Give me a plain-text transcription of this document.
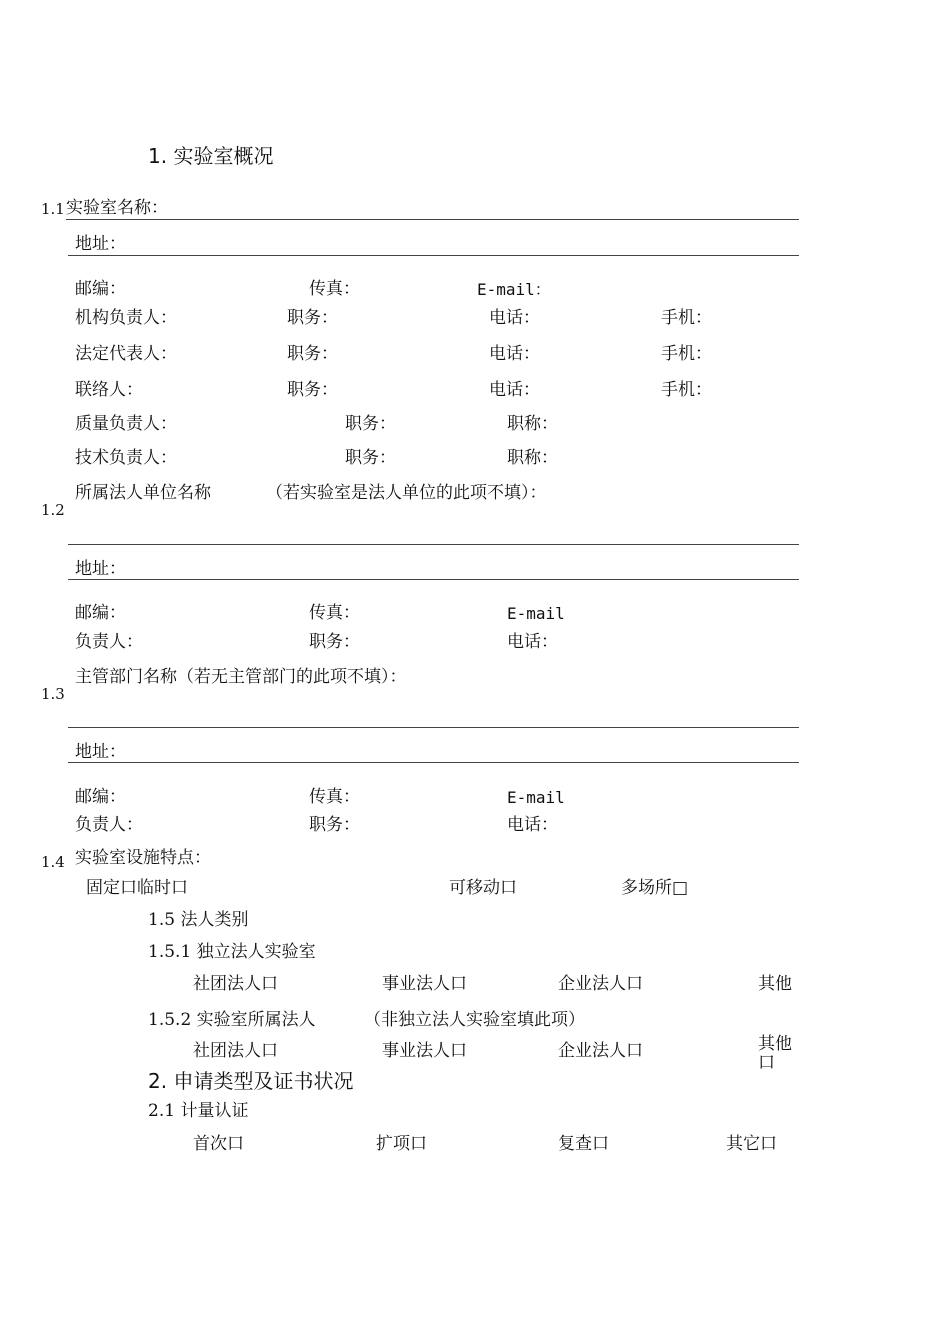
1. 实验室概况
1.1 实验室名称：
地址：
邮编：	传真：	E-mail：
机构负责人：	职务：	电话：	手机：
法定代表人：	职务：	电话：	手机：
联络人：	职务：	电话：	手机：
质量负责人：	职务：	职称：
技术负责人：	职务：	职称：
所属法人单位名称	（若实验室是法人单位的此项不填）：
1.2
地址：
邮编：	传真：	E-mail
负责人：	职务：	电话：
主管部门名称（若无主管部门的此项不填）：
1.3
地址：
邮编：	传真：	E-mail
负责人：	职务：	电话：
1.4 实验室设施特点：
固定口临时口	可移动口	多场所□
1.5 法人类别
1.5.1 独立法人实验室
社团法人口	事业法人口	企业法人口	其他
1.5.2 实验室所属法人	（非独立法人实验室填此项）
社团法人口	事业法人口	企业法人口	其他口
2. 申请类型及证书状况
2.1 计量认证
首次口	扩项口	复查口	其它口
